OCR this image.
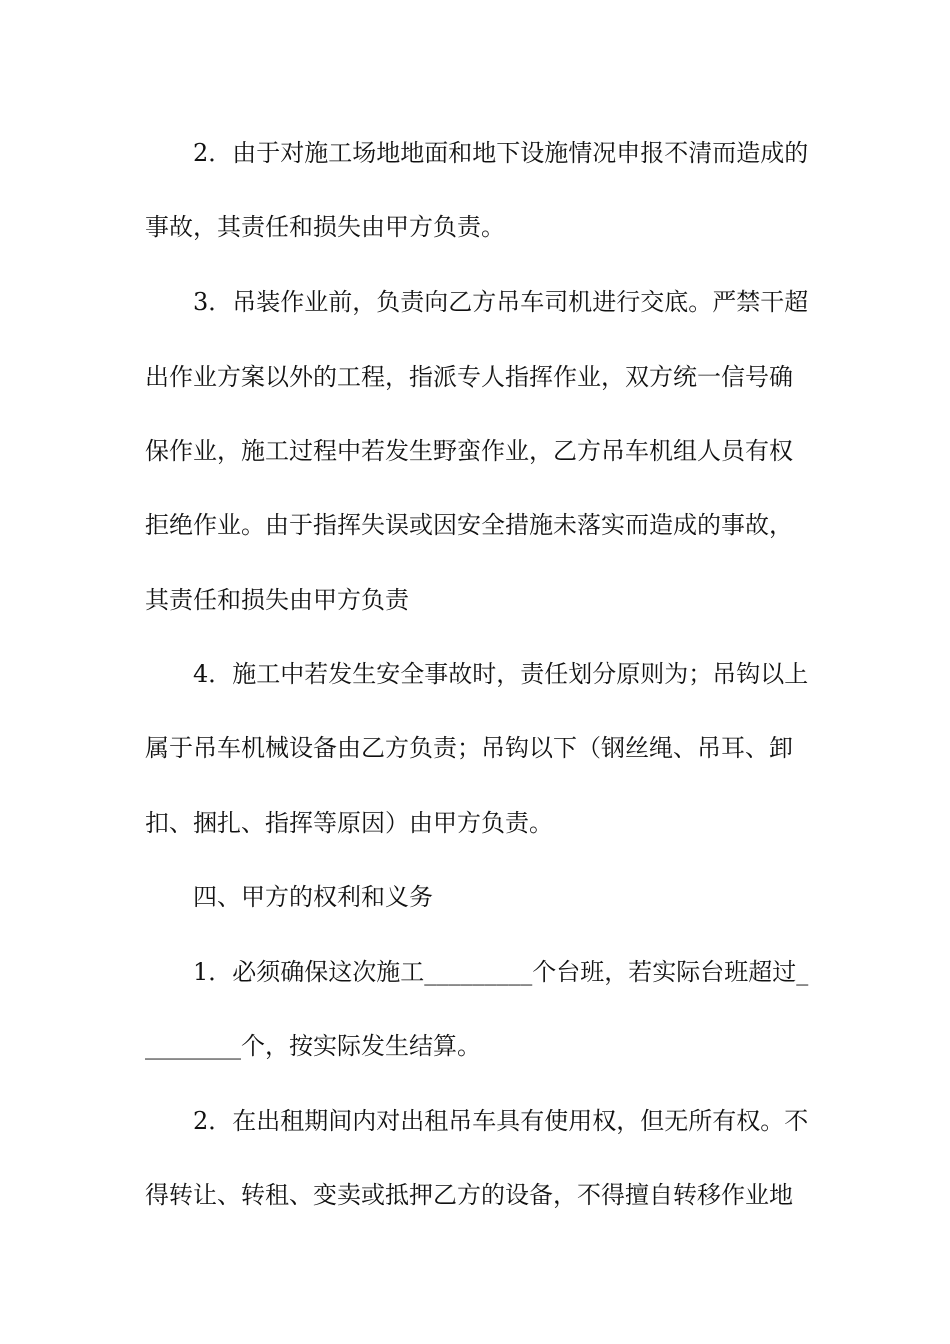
2．由于对施工场地地面和地下设施情况申报不清而造成的
事故，其责任和损失由甲方负责。
3．吊装作业前，负责向乙方吊车司机进行交底。严禁干超
出作业方案以外的工程，指派专人指挥作业，双方统一信号确
保作业，施工过程中若发生野蛮作业，乙方吊车机组人员有权
拒绝作业。由于指挥失误或因安全措施未落实而造成的事故，
其责任和损失由甲方负责
4．施工中若发生安全事故时，责任划分原则为；吊钩以上
属于吊车机械设备由乙方负责；吊钩以下（钢丝绳、吊耳、卸
扣、捆扎、指挥等原因）由甲方负责。
四、甲方的权利和义务
1．必须确保这次施工_________个台班，若实际台班超过_
________个，按实际发生结算。
2．在出租期间内对出租吊车具有使用权，但无所有权。不
得转让、转租、变卖或抵押乙方的设备，不得擅自转移作业地
